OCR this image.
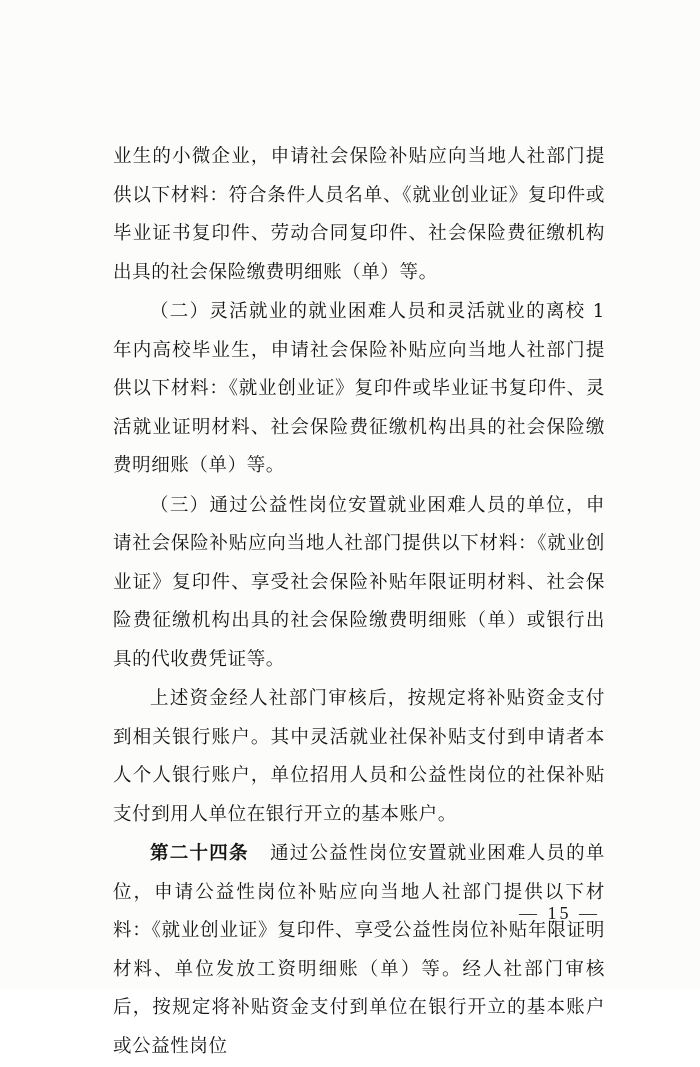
业生的小微企业，申请社会保险补贴应向当地人社部门提供以下材料：符合条件人员名单、《就业创业证》复印件或毕业证书复印件、劳动合同复印件、社会保险费征缴机构出具的社会保险缴费明细账（单）等。

（二）灵活就业的就业困难人员和灵活就业的离校 1 年内高校毕业生，申请社会保险补贴应向当地人社部门提供以下材料：《就业创业证》复印件或毕业证书复印件、灵活就业证明材料、社会保险费征缴机构出具的社会保险缴费明细账（单）等。

（三）通过公益性岗位安置就业困难人员的单位，申请社会保险补贴应向当地人社部门提供以下材料：《就业创业证》复印件、享受社会保险补贴年限证明材料、社会保险费征缴机构出具的社会保险缴费明细账（单）或银行出具的代收费凭证等。

上述资金经人社部门审核后，按规定将补贴资金支付到相关银行账户。其中灵活就业社保补贴支付到申请者本人个人银行账户，单位招用人员和公益性岗位的社保补贴支付到用人单位在银行开立的基本账户。

第二十四条 通过公益性岗位安置就业困难人员的单位，申请公益性岗位补贴应向当地人社部门提供以下材料：《就业创业证》复印件、享受公益性岗位补贴年限证明材料、单位发放工资明细账（单）等。经人社部门审核后，按规定将补贴资金支付到单位在银行开立的基本账户或公益性岗位

— 15 —
